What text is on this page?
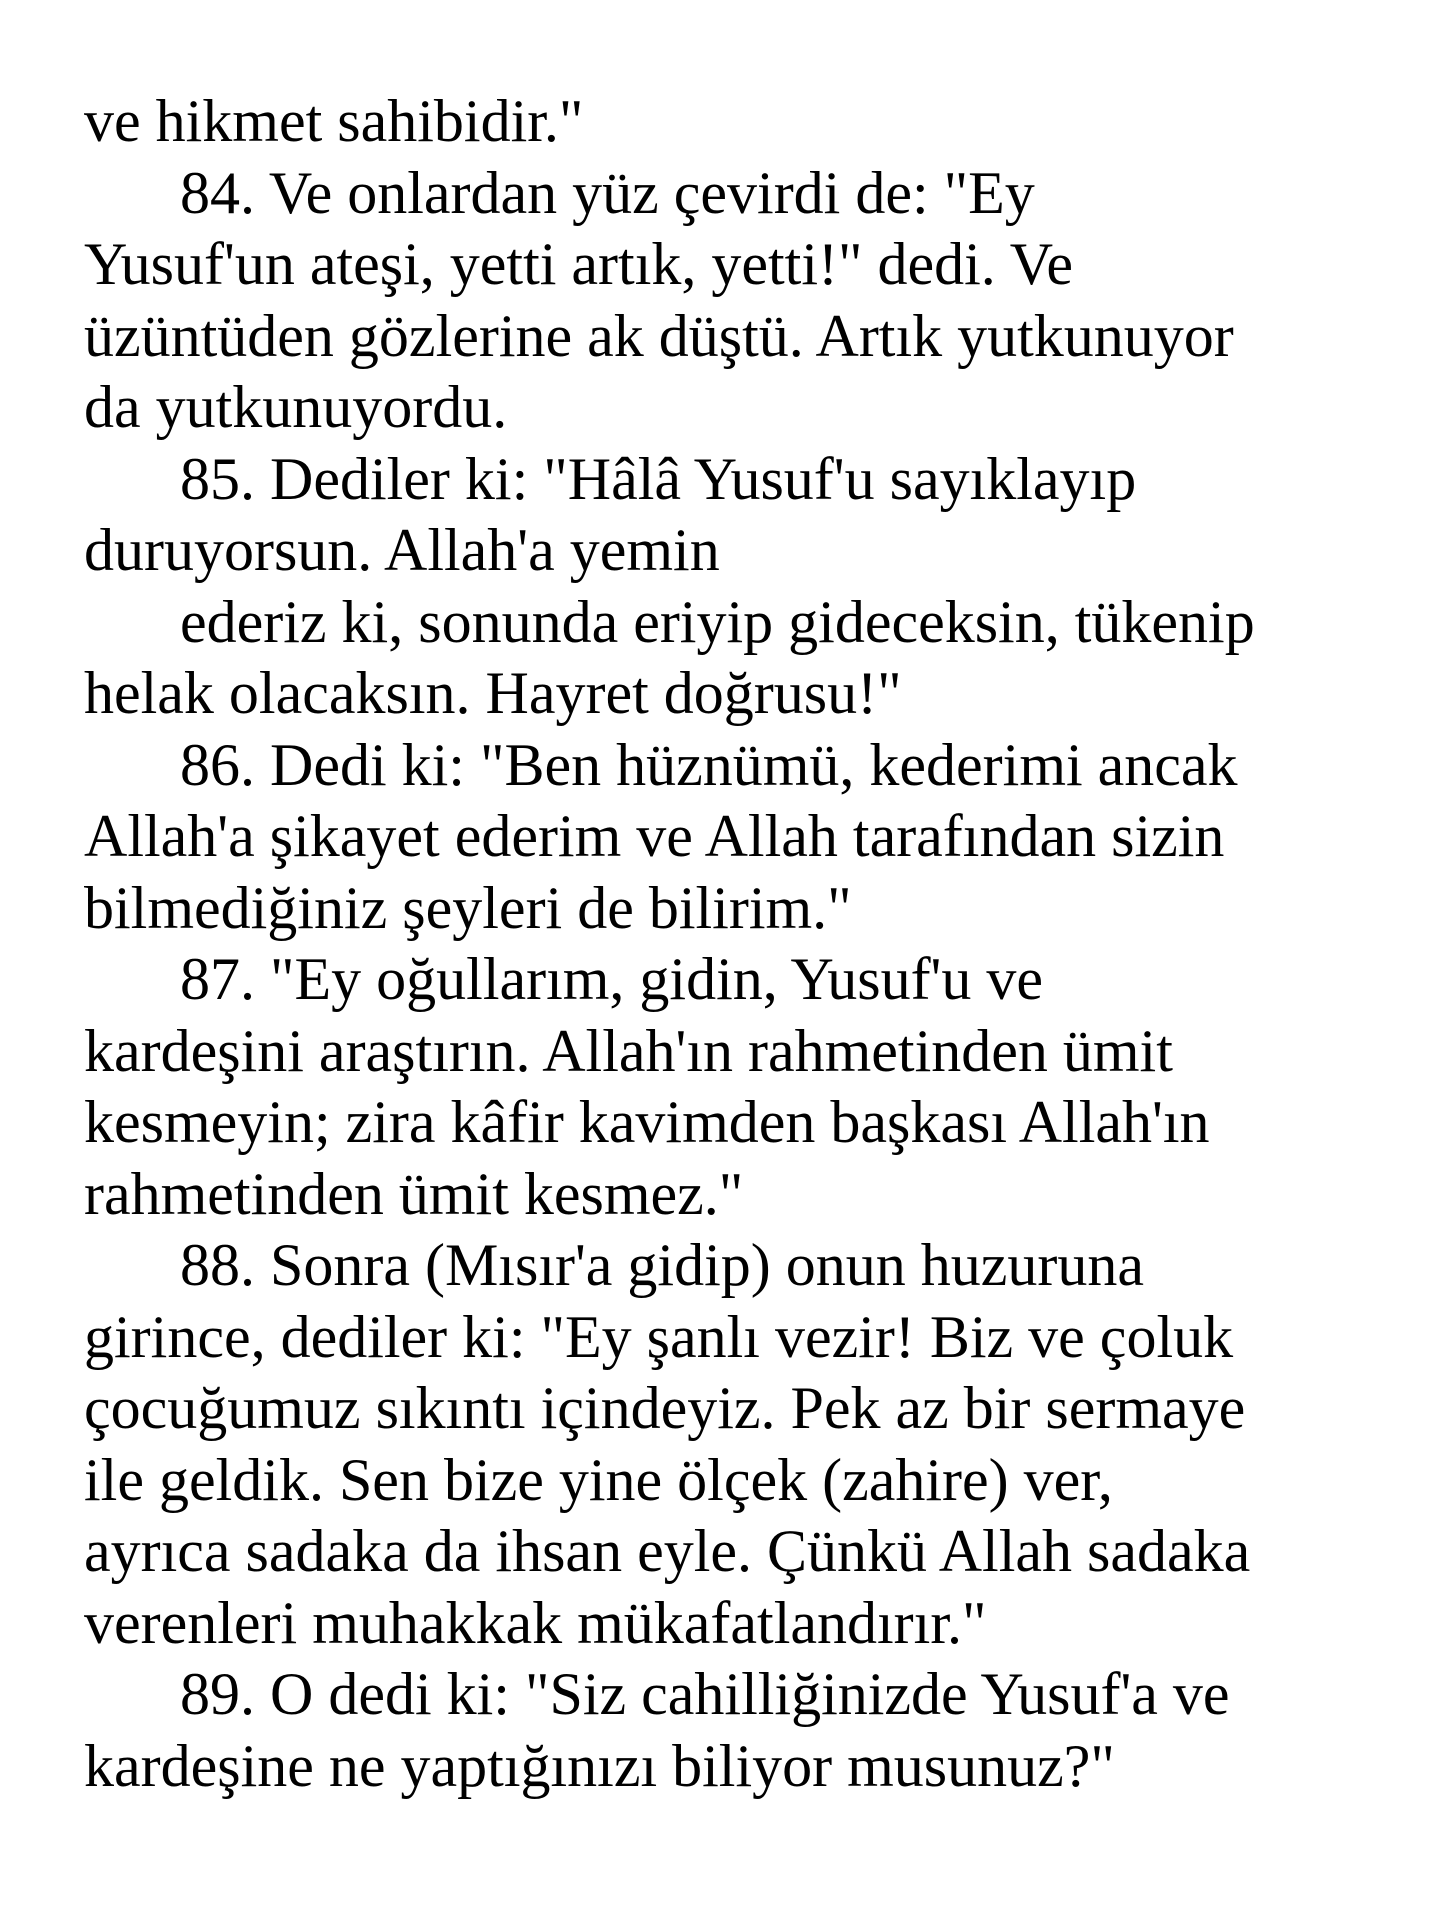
ve hikmet sahibidir."
84. Ve onlardan yüz çevirdi de: "Ey
Yusuf'un ateşi, yetti artık, yetti!" dedi. Ve
üzüntüden gözlerine ak düştü. Artık yutkunuyor
da yutkunuyordu.
85. Dediler ki: "Hâlâ Yusuf'u sayıklayıp
duruyorsun. Allah'a yemin
ederiz ki, sonunda eriyip gideceksin, tükenip
helak olacaksın. Hayret doğrusu!"
86. Dedi ki: "Ben hüznümü, kederimi ancak
Allah'a şikayet ederim ve Allah tarafından sizin
bilmediğiniz şeyleri de bilirim."
87. "Ey oğullarım, gidin, Yusuf'u ve
kardeşini araştırın. Allah'ın rahmetinden ümit
kesmeyin; zira kâfir kavimden başkası Allah'ın
rahmetinden ümit kesmez."
88. Sonra (Mısır'a gidip) onun huzuruna
girince, dediler ki: "Ey şanlı vezir! Biz ve çoluk
çocuğumuz sıkıntı içindeyiz. Pek az bir sermaye
ile geldik. Sen bize yine ölçek (zahire) ver,
ayrıca sadaka da ihsan eyle. Çünkü Allah sadaka
verenleri muhakkak mükafatlandırır."
89. O dedi ki: "Siz cahilliğinizde Yusuf'a ve
kardeşine ne yaptığınızı biliyor musunuz?"
